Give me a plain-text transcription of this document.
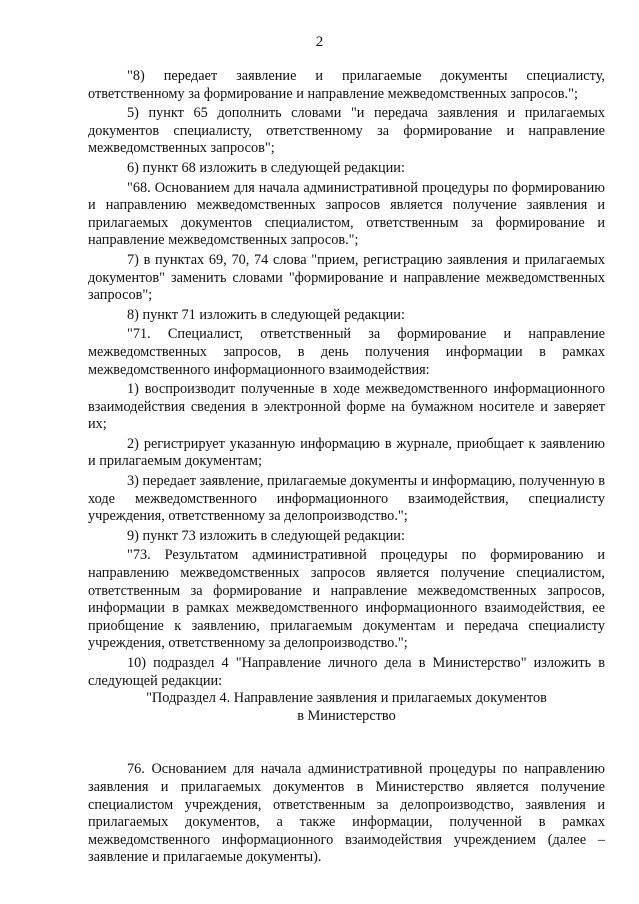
2

"8) передает заявление и прилагаемые документы специалисту, ответственному за формирование и направление межведомственных запросов.";

5) пункт 65 дополнить словами "и передача заявления и прилагаемых документов специалисту, ответственному за формирование и направление межведомственных запросов";

6) пункт 68 изложить в следующей редакции:

"68. Основанием для начала административной процедуры по формированию и направлению межведомственных запросов является получение заявления и прилагаемых документов специалистом, ответственным за формирование и направление межведомственных запросов.";

7) в пунктах 69, 70, 74 слова "прием, регистрацию заявления и прилагаемых документов" заменить словами "формирование и направление межведомственных запросов";

8) пункт 71 изложить в следующей редакции:

"71. Специалист, ответственный за формирование и направление межведомственных запросов, в день получения информации в рамках межведомственного информационного взаимодействия:

1) воспроизводит полученные в ходе межведомственного информационного взаимодействия сведения в электронной форме на бумажном носителе и заверяет их;

2) регистрирует указанную информацию в журнале, приобщает к заявлению и прилагаемым документам;

3) передает заявление, прилагаемые документы и информацию, полученную в ходе межведомственного информационного взаимодействия, специалисту учреждения, ответственному за делопроизводство.";

9) пункт 73 изложить в следующей редакции:

"73. Результатом административной процедуры по формированию и направлению межведомственных запросов является получение специалистом, ответственным за формирование и направление межведомственных запросов, информации в рамках межведомственного информационного взаимодействия, ее приобщение к заявлению, прилагаемым документам и передача специалисту учреждения, ответственному за делопроизводство.";

10) подраздел 4 "Направление личного дела в Министерство" изложить в следующей редакции:

"Подраздел 4. Направление заявления и прилагаемых документов

в Министерство

76. Основанием для начала административной процедуры по направлению заявления и прилагаемых документов в Министерство является получение специалистом учреждения, ответственным за делопроизводство, заявления и прилагаемых документов, а также информации, полученной в рамках межведомственного информационного взаимодействия учреждением (далее – заявление и прилагаемые документы).
